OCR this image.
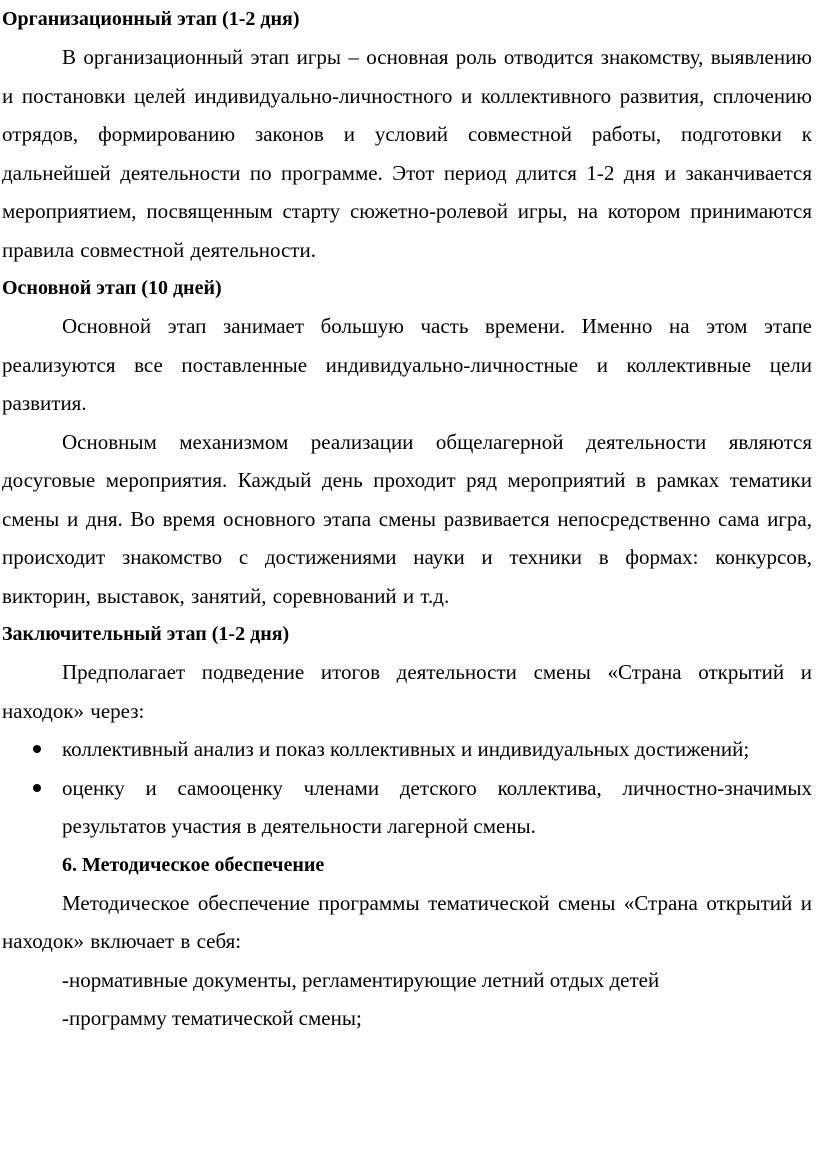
Организационный этап (1-2 дня)

В организационный этап игры – основная роль отводится знакомству, выявлению и постановки целей индивидуально-личностного и коллективного развития, сплочению отрядов, формированию законов и условий совместной работы, подготовки к дальнейшей деятельности по программе. Этот период длится 1-2 дня и заканчивается мероприятием, посвященным старту сюжетно-ролевой игры, на котором принимаются правила совместной деятельности.

Основной этап (10 дней)

Основной этап занимает большую часть времени. Именно на этом этапе реализуются все поставленные индивидуально-личностные и коллективные цели развития.

Основным механизмом реализации общелагерной деятельности являются досуговые мероприятия. Каждый день проходит ряд мероприятий в рамках тематики смены и дня. Во время основного этапа смены развивается непосредственно сама игра, происходит знакомство с достижениями науки и техники в формах: конкурсов, викторин, выставок, занятий, соревнований и т.д.

Заключительный этап (1-2 дня)

Предполагает подведение итогов деятельности смены «Страна открытий и находок» через:

коллективный анализ и показ коллективных и индивидуальных достижений;
оценку и самооценку членами детского коллектива, личностно-значимых результатов участия в деятельности лагерной смены.

6. Методическое обеспечение

Методическое обеспечение программы тематической смены «Страна открытий и находок» включает в себя:

-нормативные документы, регламентирующие летний отдых детей

-программу тематической смены;
